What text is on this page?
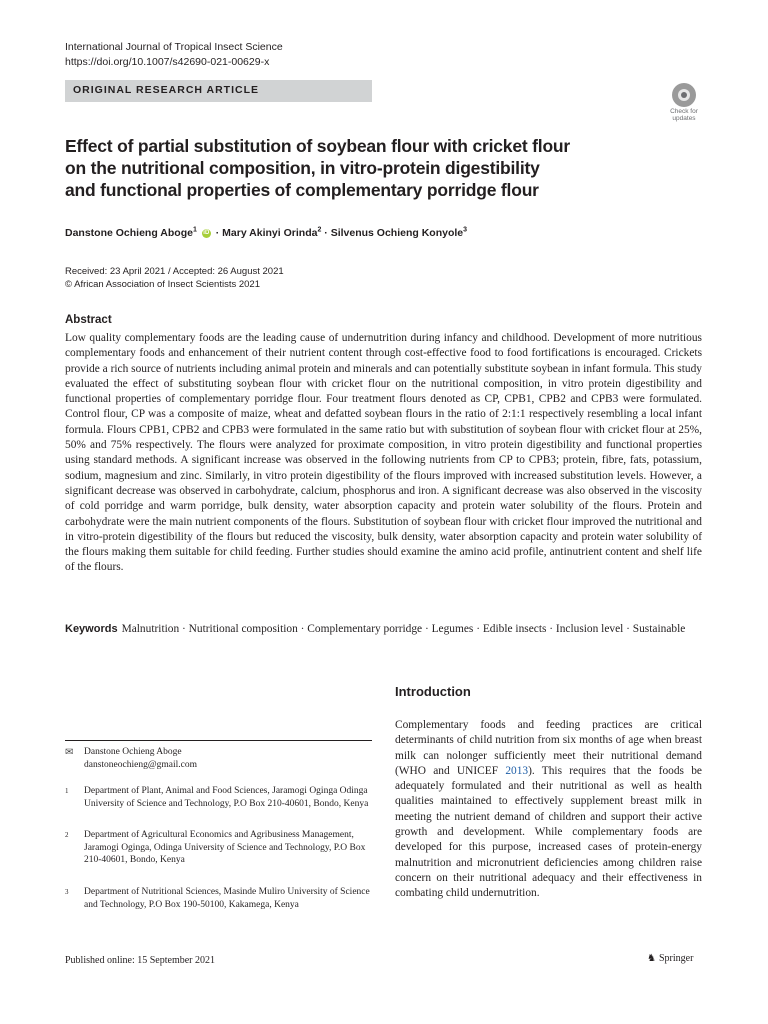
International Journal of Tropical Insect Science
https://doi.org/10.1007/s42690-021-00629-x
ORIGINAL RESEARCH ARTICLE
Check for
updates
Effect of partial substitution of soybean flour with cricket flour
on the nutritional composition, in vitro-protein digestibility
and functional properties of complementary porridge flour
Danstone Ochieng Aboge$^1$ iD · Mary Akinyi Orinda$^2$ · Silvenus Ochieng Konyole$^3$
Received: 23 April 2021 / Accepted: 26 August 2021
© African Association of Insect Scientists 2021
Abstract
Low quality complementary foods are the leading cause of undernutrition during infancy and childhood. Development of more nutritious complementary foods and enhancement of their nutrient content through cost-effective food to food fortifications is encouraged. Crickets provide a rich source of nutrients including animal protein and minerals and can potentially substitute soybean in infant formula. This study evaluated the effect of substituting soybean flour with cricket flour on the nutritional composition, in vitro protein digestibility and functional properties of complementary porridge flour. Four treatment flours denoted as CP, CPB1, CPB2 and CPB3 were formulated. Control flour, CP was a composite of maize, wheat and defatted soybean flours in the ratio of 2:1:1 respectively resembling a local infant formula. Flours CPB1, CPB2 and CPB3 were formulated in the same ratio but with substitution of soybean flour with cricket flour at 25%, 50% and 75% respectively. The flours were analyzed for proximate composition, in vitro protein digestibility and functional properties using standard methods. A significant increase was observed in the following nutrients from CP to CPB3; protein, fibre, fats, potassium, sodium, magnesium and zinc. Similarly, in vitro protein digestibility of the flours improved with increased substitution levels. However, a significant decrease was observed in carbohydrate, calcium, phosphorus and iron. A significant decrease was also observed in the viscosity of cold porridge and warm porridge, bulk density, water absorption capacity and protein water solubility of the flours. Protein and carbohydrate were the main nutrient components of the flours. Substitution of soybean flour with cricket flour improved the nutritional and in vitro-protein digestibility of the flours but reduced the viscosity, bulk density, water absorption capacity and protein water solubility of the flours making them suitable for child feeding. Further studies should examine the amino acid profile, antinutrient content and shelf life of the flours.
Keywords Malnutrition · Nutritional composition · Complementary porridge · Legumes · Edible insects · Inclusion level · Sustainable
Introduction
Complementary foods and feeding practices are critical determinants of child nutrition from six months of age when breast milk can nolonger sufficiently meet their nutritional demand (WHO and UNICEF 2013). This requires that the foods be adequately formulated and their nutritional as well as health qualities maintained to effectively supplement breast milk in meeting the nutrient demand of children and support their active growth and development. While complementary foods are developed for this purpose, increased cases of protein-energy malnutrition and micronutrient deficiencies among children raise concern on their nutritional adequacy and their effectiveness in combating child undernutrition.
✉ Danstone Ochieng Aboge
danstoneochieng@gmail.com
1 Department of Plant, Animal and Food Sciences, Jaramogi Oginga Odinga University of Science and Technology, P.O Box 210-40601, Bondo, Kenya
2 Department of Agricultural Economics and Agribusiness Management, Jaramogi Oginga, Odinga University of Science and Technology, P.O Box 210-40601, Bondo, Kenya
3 Department of Nutritional Sciences, Masinde Muliro University of Science and Technology, P.O Box 190-50100, Kakamega, Kenya
Published online: 15 September 2021	♞ Springer
